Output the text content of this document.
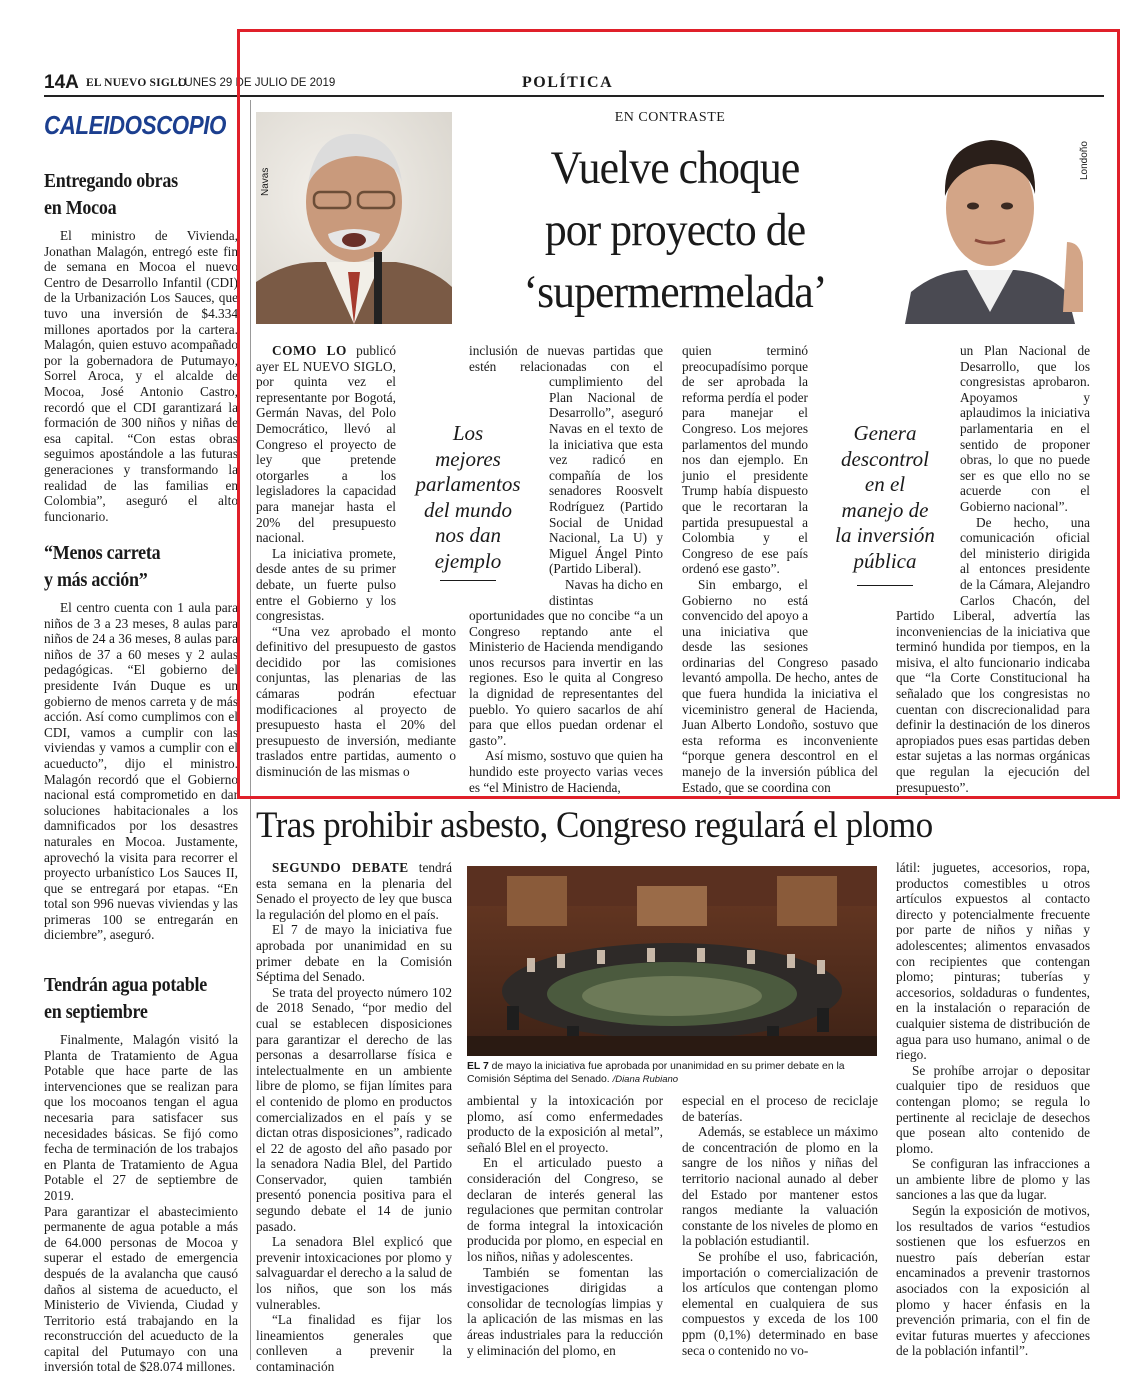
14A EL NUEVO SIGLO
LUNES 29 DE JULIO DE 2019	POLÍTICA
CALEIDOSCOPIO
Entregando obras
en Mocoa

El ministro de Vivienda, Jonathan Malagón, entregó este fin de semana en Mocoa el nuevo Centro de Desarrollo Infantil (CDI) de la Urbanización Los Sauces, que tuvo una inversión de $4.334 millones aportados por la cartera. Malagón, quien estuvo acompañado por la gobernadora de Putumayo, Sorrel Aroca, y el alcalde de Mocoa, José Antonio Castro, recordó que el CDI garantizará la formación de 300 niños y niñas de esa capital. “Con estas obras seguimos apostándole a las futuras generaciones y transformando la realidad de las familias en Colombia”, aseguró el alto funcionario.

“Menos carreta
y más acción”

El centro cuenta con 1 aula para niños de 3 a 23 meses, 8 aulas para niños de 24 a 36 meses, 8 aulas para niños de 37 a 60 meses y 2 aulas pedagógicas. “El gobierno del presidente Iván Duque es un gobierno de menos carreta y de más acción. Así como cumplimos con el CDI, vamos a cumplir con las viviendas y vamos a cumplir con el acueducto”, dijo el ministro. Malagón recordó que el Gobierno nacional está comprometido en dar soluciones habitacionales a los damnificados por los desastres naturales en Mocoa. Justamente, aprovechó la visita para recorrer el proyecto urbanístico Los Sauces II, que se entregará por etapas. “En total son 996 nuevas viviendas y las primeras 100 se entregarán en diciembre”, aseguró.

Tendrán agua potable
en septiembre

Finalmente, Malagón visitó la Planta de Tratamiento de Agua Potable que hace parte de las intervenciones que se realizan para que los mocoanos tengan el agua necesaria para satisfacer sus necesidades básicas. Se fijó como fecha de terminación de los trabajos en Planta de Tratamiento de Agua Potable el 27 de septiembre de 2019.

Para garantizar el abastecimiento permanente de agua potable a más de 64.000 personas de Mocoa y superar el estado de emergencia después de la avalancha que causó daños al sistema de acueducto, el Ministerio de Vivienda, Ciudad y Territorio está trabajando en la reconstrucción del acueducto de la capital del Putumayo con una inversión total de $28.074 millones.

EN CONTRASTE
Vuelve choque
por proyecto de
‘supermermelada’
Navas
Londoño
Los
mejores
parlamentos
del mundo
nos dan
ejemplo
Genera
descontrol
en el
manejo de
la inversión
pública

COMO LO publicó ayer EL NUEVO SIGLO, por quinta vez el representante por Bogotá, Germán Navas, del Polo Democrático, llevó al Congreso el proyecto de ley que pretende otorgarles a los legisladores la capacidad para manejar hasta el 20% del presupuesto nacional.

La iniciativa promete, desde antes de su primer debate, un fuerte pulso entre el Gobierno y los congresistas.

“Una vez aprobado el monto definitivo del presupuesto de gastos decidido por las comisiones conjuntas, las plenarias de las cámaras podrán efectuar modificaciones al proyecto de presupuesto hasta el 20% del presupuesto de inversión, mediante traslados entre partidas, aumento o disminución de las mismas o

inclusión de nuevas partidas que estén relacionadas con el cumplimiento del Plan Nacional de Desarrollo”, aseguró Navas en el texto de la iniciativa que esta vez radicó en compañía de los senadores Roosvelt Rodríguez (Partido Social de Unidad Nacional, La U) y Miguel Ángel Pinto (Partido Liberal).

Navas ha dicho en distintas oportunidades que no concibe “a un Congreso reptando ante el Ministerio de Hacienda mendigando unos recursos para invertir en las regiones. Eso le quita al Congreso la dignidad de representantes del pueblo. Yo quiero sacarlos de ahí para que ellos puedan ordenar el gasto”.

Así mismo, sostuvo que quien ha hundido este proyecto varias veces es “el Ministro de Hacienda,

quien terminó preocupadísimo porque de ser aprobada la reforma perdía el poder para manejar el Congreso. Los mejores parlamentos del mundo nos dan ejemplo. En junio el presidente Trump había dispuesto que le recortaran la partida presupuestal a Colombia y el Congreso de ese país ordenó ese gasto”.

Sin embargo, el Gobierno no está convencido del apoyo a una iniciativa que desde las sesiones ordinarias del Congreso pasado levantó ampolla. De hecho, antes de que fuera hundida la iniciativa el viceministro general de Hacienda, Juan Alberto Londoño, sostuvo que esta reforma es inconveniente “porque genera descontrol en el manejo de la inversión pública del Estado, que se coordina con

un Plan Nacional de Desarrollo, que los congresistas aprobaron. Apoyamos y aplaudimos la iniciativa parlamentaria en el sentido de proponer obras, lo que no puede ser es que ello no se acuerde con el Gobierno nacional”.

De hecho, una comunicación oficial del ministerio dirigida al entonces presidente de la Cámara, Alejandro Carlos Chacón, del Partido Liberal, advertía las inconveniencias de la iniciativa que terminó hundida por tiempos, en la misiva, el alto funcionario indicaba que “la Corte Constitucional ha señalado que los congresistas no cuentan con discrecionalidad para definir la destinación de los dineros apropiados pues esas partidas deben estar sujetas a las normas orgánicas que regulan la ejecución del presupuesto”.

Tras prohibir asbesto, Congreso regulará el plomo
EL 7 de mayo la iniciativa fue aprobada por unanimidad en su primer debate en la Comisión Séptima del Senado. /Diana Rubiano

SEGUNDO DEBATE tendrá esta semana en la plenaria del Senado el proyecto de ley que busca la regulación del plomo en el país.

El 7 de mayo la iniciativa fue aprobada por unanimidad en su primer debate en la Comisión Séptima del Senado.

Se trata del proyecto número 102 de 2018 Senado, “por medio del cual se establecen disposiciones para garantizar el derecho de las personas a desarrollarse física e intelectualmente en un ambiente libre de plomo, se fijan límites para el contenido de plomo en productos comercializados en el país y se dictan otras disposiciones”, radicado el 22 de agosto del año pasado por la senadora Nadia Blel, del Partido Conservador, quien también presentó ponencia positiva para el segundo debate el 14 de junio pasado.

La senadora Blel explicó que prevenir intoxicaciones por plomo y salvaguardar el derecho a la salud de los niños, que son los más vulnerables.

“La finalidad es fijar los lineamientos generales que conlleven a prevenir la contaminación

ambiental y la intoxicación por plomo, así como enfermedades producto de la exposición al metal”, señaló Blel en el proyecto.

En el articulado puesto a consideración del Congreso, se declaran de interés general las regulaciones que permitan controlar de forma integral la intoxicación producida por plomo, en especial en los niños, niñas y adolescentes.

También se fomentan las investigaciones dirigidas a consolidar de tecnologías limpias y la aplicación de las mismas en las áreas industriales para la reducción y eliminación del plomo, en

especial en el proceso de reciclaje de baterías.

Además, se establece un máximo de concentración de plomo en la sangre de los niños y niñas del territorio nacional aunado al deber del Estado por mantener estos rangos mediante la valuación constante de los niveles de plomo en la población estudiantil.

Se prohíbe el uso, fabricación, importación o comercialización de los artículos que contengan plomo elemental en cualquiera de sus compuestos y exceda de los 100 ppm (0,1%) determinado en base seca o contenido no vo-

látil: juguetes, accesorios, ropa, productos comestibles u otros artículos expuestos al contacto directo y potencialmente frecuente por parte de niños y niñas y adolescentes; alimentos envasados con recipientes que contengan plomo; pinturas; tuberías y accesorios, soldaduras o fundentes, en la instalación o reparación de cualquier sistema de distribución de agua para uso humano, animal o de riego.

Se prohíbe arrojar o depositar cualquier tipo de residuos que contengan plomo; se regula lo pertinente al reciclaje de desechos que posean alto contenido de plomo.

Se configuran las infracciones a un ambiente libre de plomo y las sanciones a las que da lugar.

Según la exposición de motivos, los resultados de varios “estudios sostienen que los esfuerzos en nuestro país deberían estar encaminados a prevenir trastornos asociados con la exposición al plomo y hacer énfasis en la prevención primaria, con el fin de evitar futuras muertes y afecciones de la población infantil”.
